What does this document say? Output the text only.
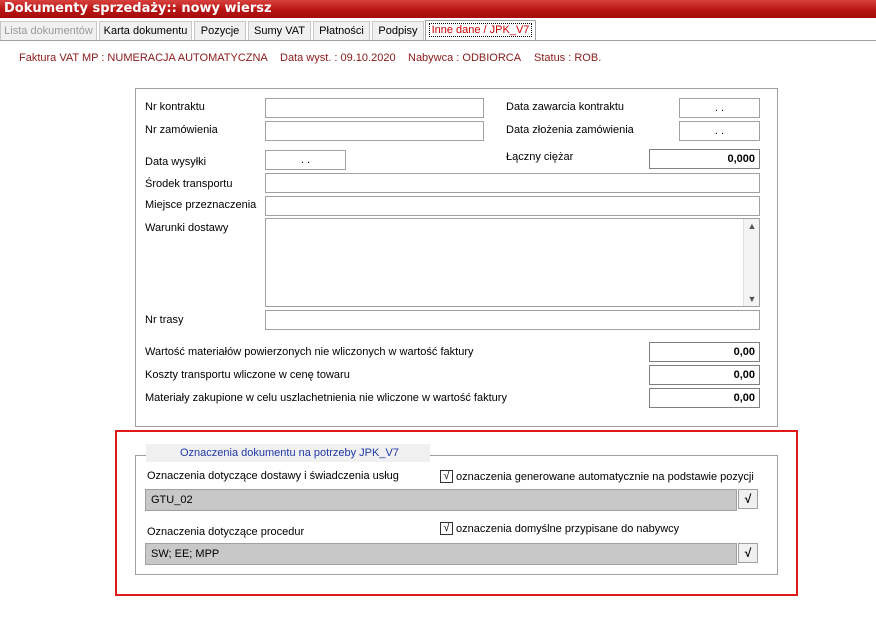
Dokumenty sprzedaży:: nowy wiersz
Lista dokumentów Karta dokumentu	Pozycje	Sumy VAT	Płatności	Podpisy	Inne dane / JPK_V7
Faktura VAT MP : NUMERACJA AUTOMATYCZNA Data wyst. : 09.10.2020 Nabywca : ODBIORCA Status : ROB.
Nr kontraktu	Data zawarcia kontraktu	. .
Nr zamówienia	Data złożenia zamówienia	. .
Data wysyłki	. .	Łączny ciężar	0,000
Środek transportu
Miejsce przeznaczenia
Warunki dostawy	▲
▼
Nr trasy
Wartość materiałów powierzonych nie wliczonych w wartość faktury	0,00
Koszty transportu wliczone w cenę towaru	0,00
Materiały zakupione w celu uszlachetnienia nie wliczone w wartość faktury	0,00
Oznaczenia dokumentu na potrzeby JPK_V7
Oznaczenia dotyczące dostawy i świadczenia usług	√ oznaczenia generowane automatycznie na podstawie pozycji
GTU_02	√
Oznaczenia dotyczące procedur	√ oznaczenia domyślne przypisane do nabywcy
SW; EE; MPP	√
